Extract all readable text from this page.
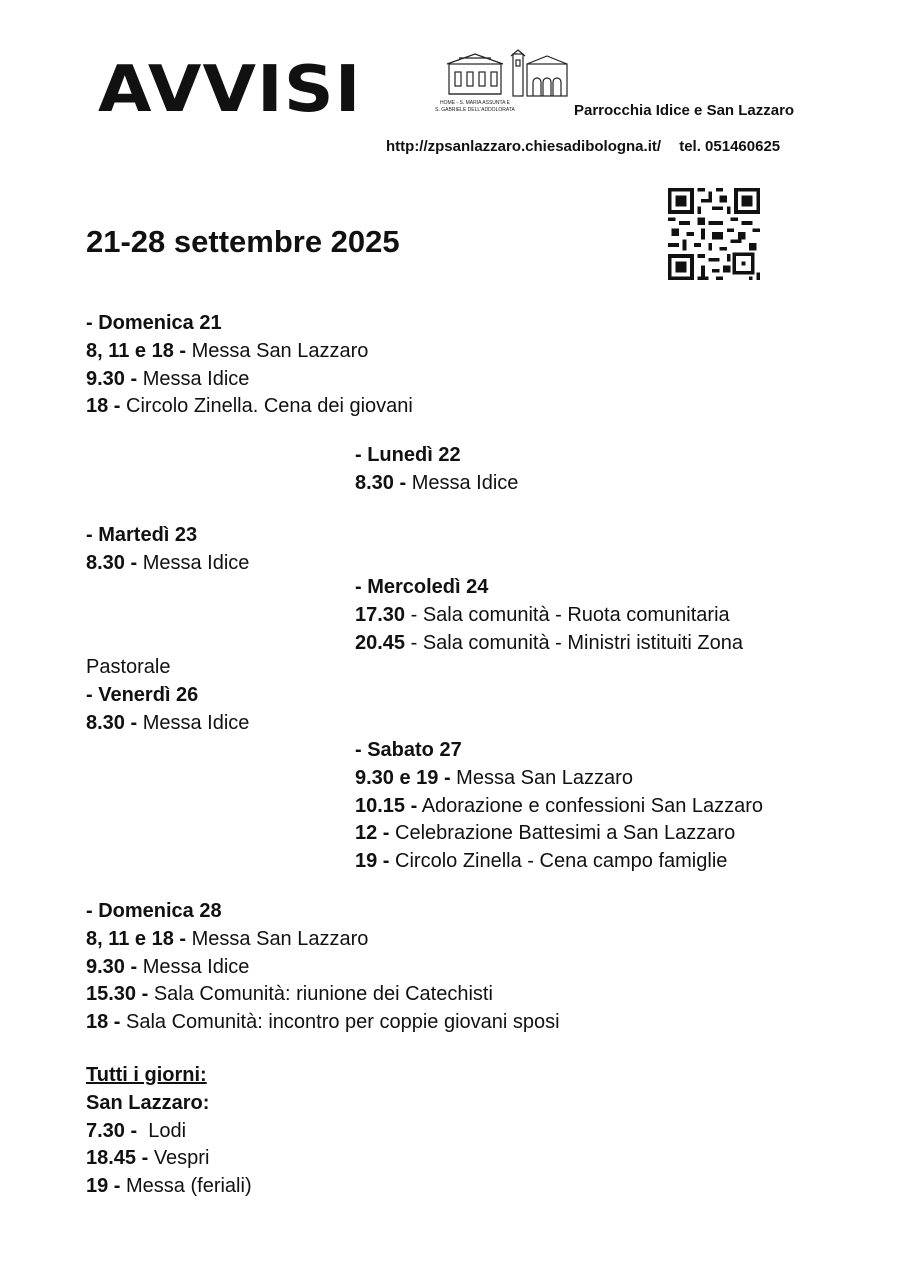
AVVISI	HOME - S. MARIA ASSUNTA E
S. GABRIELE DELL'ADDOLORATA	Parrocchia Idice e San Lazzaro
http://zpsanlazzaro.chiesadibologna.it/ tel. 051460625
21-28 settembre 2025
- Domenica 21
8, 11 e 18 - Messa San Lazzaro
9.30 - Messa Idice
18 - Circolo Zinella. Cena dei giovani
- Lunedì 22
8.30 - Messa Idice
- Martedì 23
8.30 - Messa Idice
- Mercoledì 24
17.30 - Sala comunità - Ruota comunitaria
20.45 - Sala comunità - Ministri istituiti Zona
Pastorale
- Venerdì 26
8.30 - Messa Idice
- Sabato 27
9.30 e 19 - Messa San Lazzaro
10.15 - Adorazione e confessioni San Lazzaro
12 - Celebrazione Battesimi a San Lazzaro
19 - Circolo Zinella - Cena campo famiglie
- Domenica 28
8, 11 e 18 - Messa San Lazzaro
9.30 - Messa Idice
15.30 - Sala Comunità: riunione dei Catechisti
18 - Sala Comunità: incontro per coppie giovani sposi
Tutti i giorni:
San Lazzaro:
7.30 -  Lodi
18.45 - Vespri
19 - Messa (feriali)
